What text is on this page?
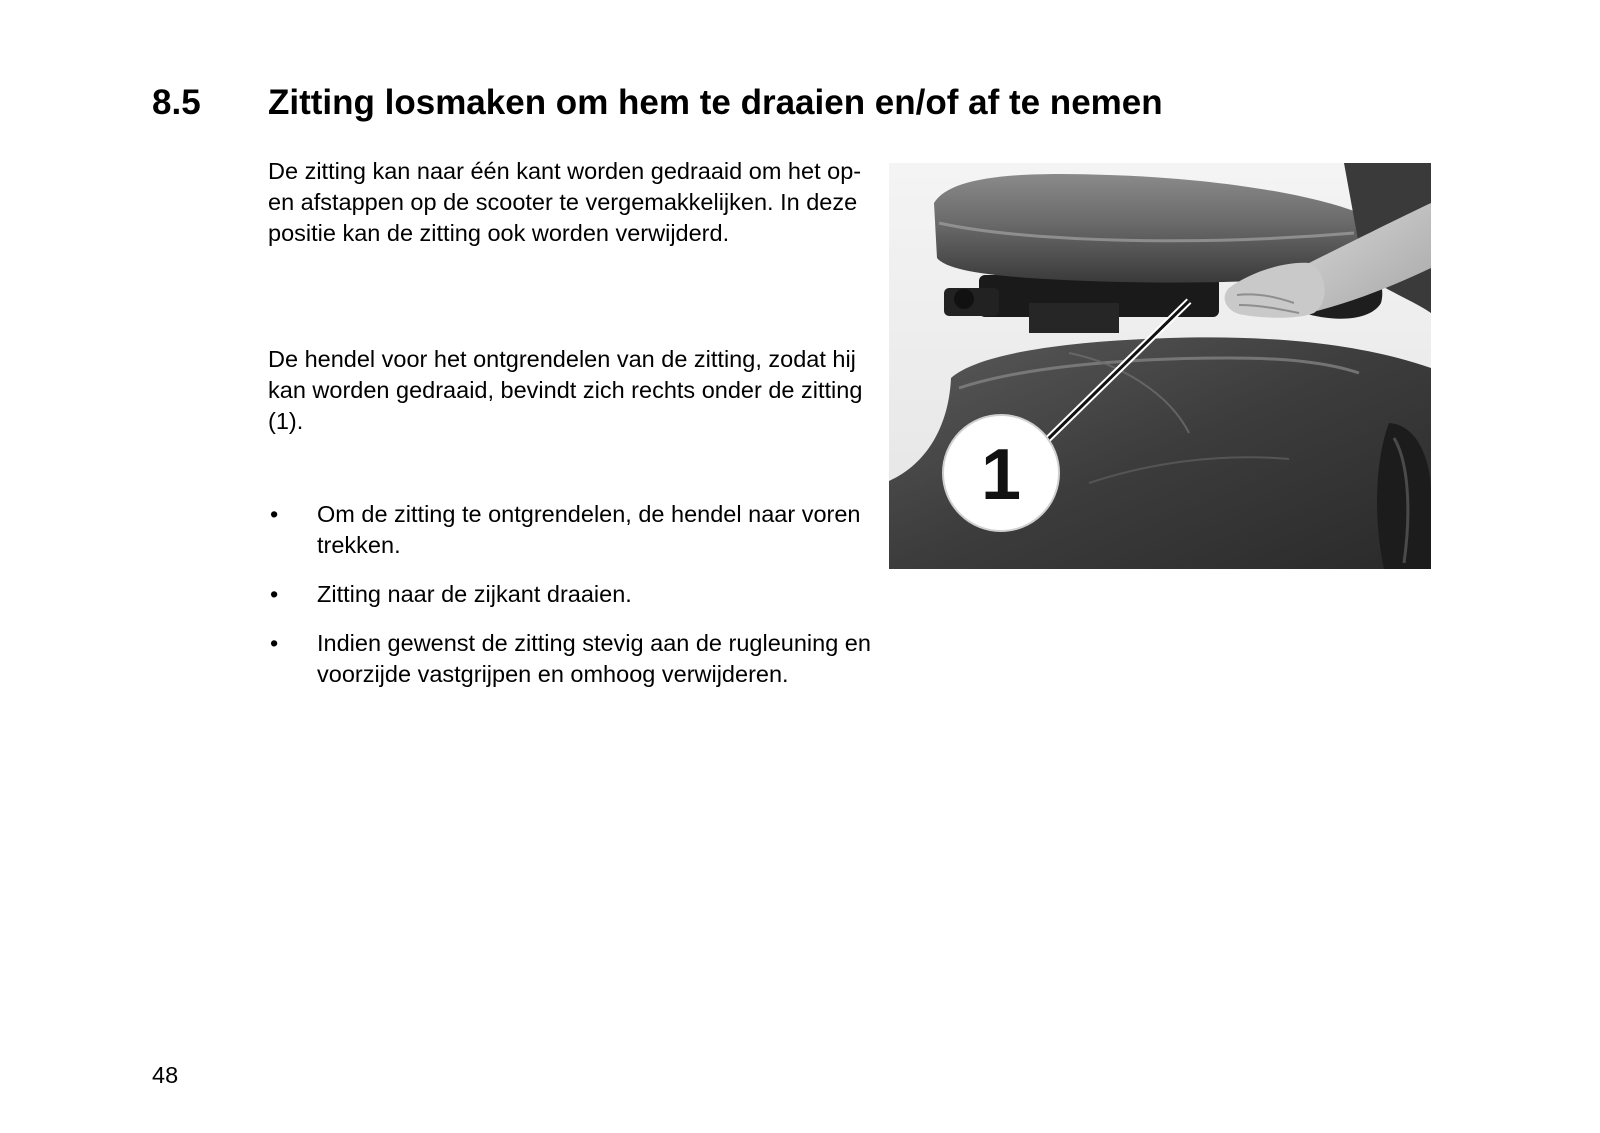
8.5 Zitting losmaken om hem te draaien en/of af te nemen
De zitting kan naar één kant worden gedraaid om het op- en afstappen op de scooter te vergemakkelijken. In deze positie kan de zitting ook worden verwijderd.
De hendel voor het ontgrendelen van de zitting, zodat hij kan worden gedraaid, bevindt zich rechts onder de zitting (1).
•	Om de zitting te ontgrendelen, de hendel naar voren trekken.
•	Zitting naar de zijkant draaien.
•	Indien gewenst de zitting stevig aan de rugleuning en voorzijde vastgrijpen en omhoog verwijderen.
1
48
